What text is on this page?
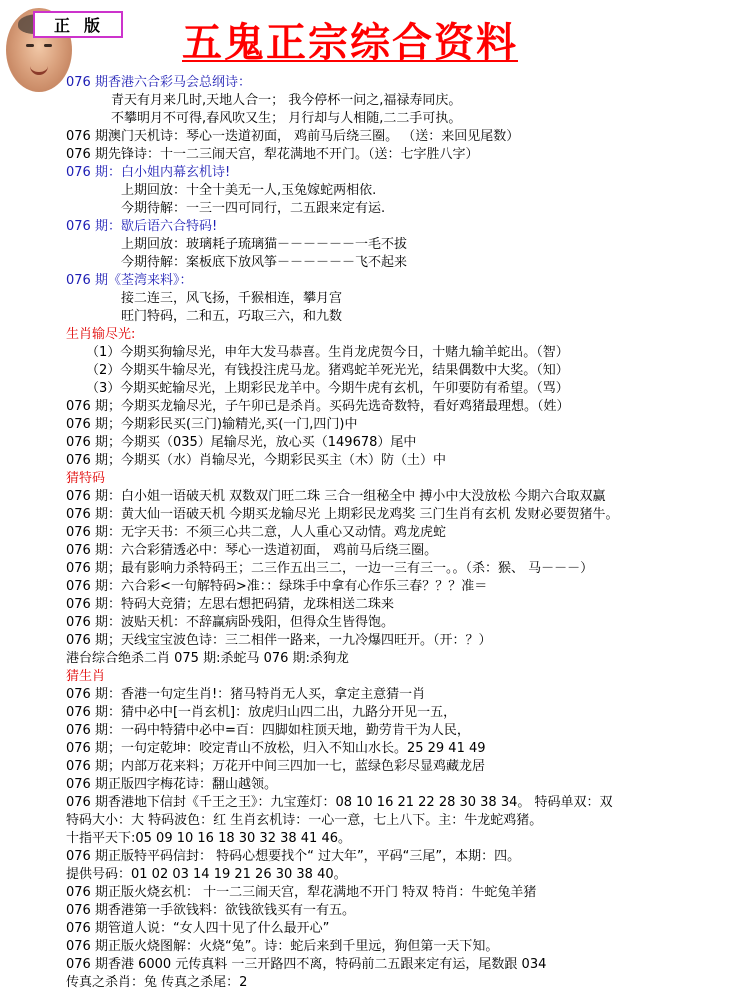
正版 五鬼正宗综合资料
076 期香港六合彩马会总纲诗：
青天有月来几时,天地人合一； 我今停杯一问之,福禄寿同庆。
不攀明月不可得,春风吹又生； 月行却与人相随,二二手可执。
076 期澳门天机诗：琴心一迭道初面， 鸡前马后绕三圈。 （送：来回见尾数）
076 期先锋诗：十一二三闹天宫，犁花满地不开门。（送：七字胜八字）
076 期：白小姐内幕玄机诗!
上期回放：十全十美无一人,玉兔嫁蛇两相依.
今期待解：一三一四可同行，二五跟来定有运.
076 期：歇后语六合特码!
上期回放：玻璃耗子琉璃猫－－－－－－一毛不拔
今期待解：案板底下放风筝－－－－－－飞不起来
076 期《荃湾来料》：
接二连三，风飞扬，千猴相连，攀月宫
旺门特码，二和五，巧取三六，和九数
生肖输尽光:
（1）今期买狗输尽光，申年大发马恭喜。生肖龙虎贺今日，十赌九输羊蛇出。（智）
（2）今期买牛输尽光，有钱投注虎马龙。猪鸡蛇羊死光光，结果偶数中大奖。（知）
（3）今期买蛇输尽光，上期彩民龙羊中。今期牛虎有玄机，午卯要防有希望。（骂）
076 期；今期买龙输尽光，子午卯已是杀肖。买码先选奇数特，看好鸡猪最理想。（姓）
076 期；今期彩民买(三门)输精光,买(一门,四门)中
076 期；今期买（035）尾输尽光，放心买（149678）尾中
076 期；今期买（水）肖输尽光，今期彩民买主（木）防（土）中
猜特码
076 期：白小姐一语破天机 双数双门旺二珠 三合一组秘全中 搏小中大没放松 今期六合取双赢
076 期：黄大仙一语破天机 今期买龙输尽光 上期彩民龙鸡奖 三门生肖有玄机 发财必要贺猪牛。
076 期：无字天书：不须三心共二意，人人重心又动情。鸡龙虎蛇
076 期：六合彩猜透必中：琴心一迭道初面， 鸡前马后绕三圈。
076 期；最有影响力杀特码王；二三作五出三二，一边一三有三一。。（杀：猴、 马－－－）
076 期：六合彩<一句解特码>准：：绿珠手中拿有心作乐三春？？？准＝
076 期：特码大竞猜；左思右想把码猜，龙珠相送二珠来
076 期：波贴天机：不辞赢病卧残阳，但得众生皆得饱。
076 期；天线宝宝波色诗：三二相伴一路来，一九冷爆四旺开。（开：？）
港台综合绝杀二肖 075 期:杀蛇马 076 期:杀狗龙
猜生肖
076 期：香港一句定生肖!：猪马特肖无人买，拿定主意猜一肖
076 期：猜中必中[一肖玄机]：放虎归山四二出，九路分开见一五，
076 期：一码中特猜中必中=百：四脚如柱顶天地，勤劳肯干为人民，
076 期；一句定乾坤：咬定青山不放松，归入不知山水长。25 29 41 49
076 期；内部万花来料；万花开中间三四加一七，蓝绿色彩尽显鸡藏龙居
076 期正版四字梅花诗：翻山越领。
076 期香港地下信封《千王之王》：九宝莲灯：08 10 16 21 22 28 30 38 34。 特码单双：双
特码大小：大 特码波色：红 生肖玄机诗：一心一意，七上八下。主：牛龙蛇鸡猪。
十指平天下:05 09 10 16 18 30 32 38 41 46。
076 期正版特平码信封： 特码心想要找个“ 过大年”，平码“三尾”，本期：四。
提供号码：01 02 03 14 19 21 26 30 38 40。
076 期正版火烧玄机： 十一二三闹天宫，犁花满地不开门 特双 特肖：牛蛇兔羊猪
076 期香港第一手欲钱料：欲钱欲钱买有一有五。
076 期管道人说：“女人四十见了什么最开心”
076 期正版火烧图解：火烧“兔”。诗：蛇后来到千里远，狗但第一天下知。
076 期香港 6000 元传真料 一三开路四不离，特码前二五跟来定有运，尾数跟 034
传真之杀肖：兔 传真之杀尾：2
